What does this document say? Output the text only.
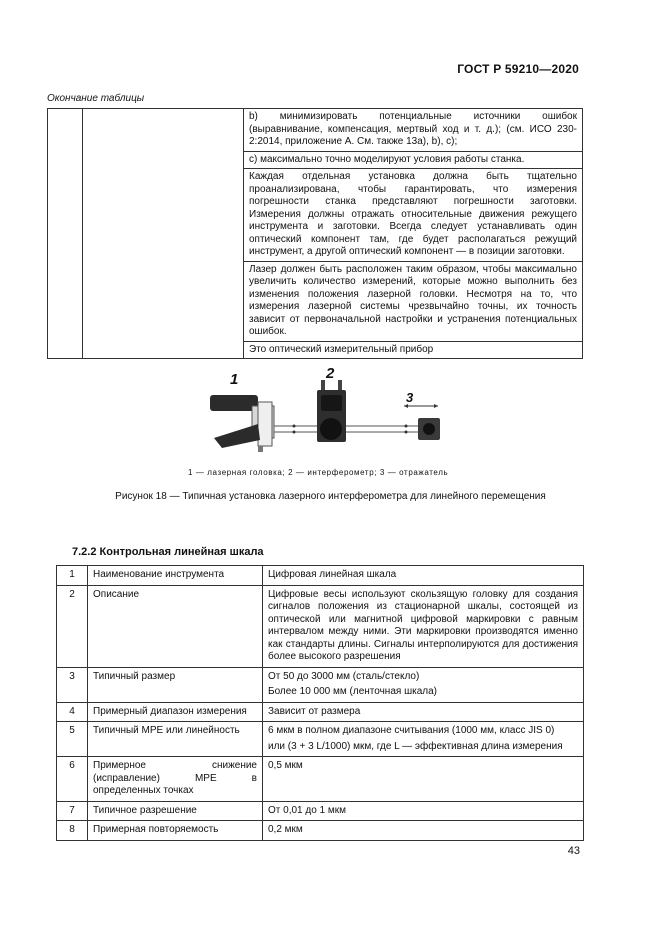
ГОСТ Р 59210—2020
Окончание таблицы

b) минимизировать потенциальные источники ошибок (выравнивание, компенсация, мертвый ход и т. д.); (см. ИСО 230-2:2014, приложение А. См. также 13а), b), c);

c) максимально точно моделируют условия работы станка.

Каждая отдельная установка должна быть тщательно проанализирована, чтобы гарантировать, что измерения погрешности станка представляют погрешности заготовки. Измерения должны отражать относительные движения режущего инструмента и заготовки. Всегда следует устанавливать один оптический компонент там, где будет располагаться режущий инструмент, а другой оптический компонент — в позиции заготовки.

Лазер должен быть расположен таким образом, чтобы максимально увеличить количество измерений, которые можно выполнить без изменения положения лазерной головки. Несмотря на то, что измерения лазерной системы чрезвычайно точны, их точность зависит от первоначальной настройки и устранения потенциальных ошибок.

Это оптический измерительный прибор

1	2
3
1 — лазерная головка; 2 — интерферометр; 3 — отражатель
Рисунок 18 — Типичная установка лазерного интерферометра для линейного перемещения
7.2.2 Контрольная линейная шкала
1	Наименование инструмента	Цифровая линейная шкала
2	Описание	Цифровые весы используют скользящую головку для создания сигналов положения из стационарной шкалы, состоящей из оптической или магнитной цифровой маркировки с равным интервалом между ними. Эти маркировки производятся именно как стандарты длины. Сигналы интерполируются для достижения более высокого разрешения

3	Типичный размер	От 50 до 3000 мм (сталь/стекло)
Более 10 000 мм (ленточная шкала)

4	Примерный диапазон измерения	Зависит от размера
5	Типичный MPE или линейность	6 мкм в полном диапазоне считывания (1000 мм, класс JIS 0)
или (3 + 3 L/1000) мкм, где L — эффективная длина измерения

6	Примерное снижение (исправление) MPE в определенных точках	0,5 мкм
7	Типичное разрешение	От 0,01 до 1 мкм
8	Примерная повторяемость	0,2 мкм
43
